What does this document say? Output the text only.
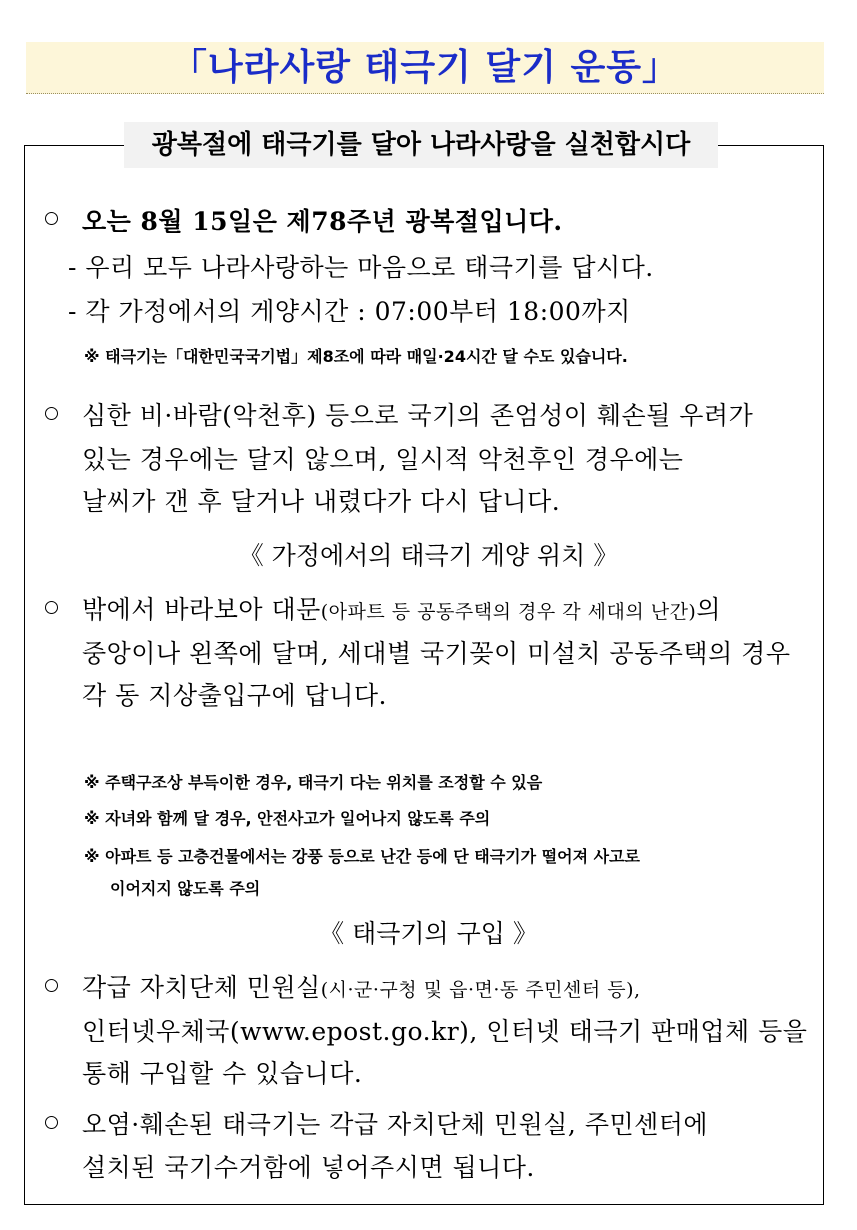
「나라사랑 태극기 달기 운동」
광복절에 태극기를 달아 나라사랑을 실천합시다
오는 8월 15일은 제78주년 광복절입니다.
- 우리 모두 나라사랑하는 마음으로 태극기를 답시다.
- 각 가정에서의 게양시간 : 07:00부터 18:00까지
※ 태극기는「대한민국국기법」제8조에 따라 매일·24시간 달 수도 있습니다.
심한 비·바람(악천후) 등으로 국기의 존엄성이 훼손될 우려가
있는 경우에는 달지 않으며, 일시적 악천후인 경우에는
날씨가 갠 후 달거나 내렸다가 다시 답니다.
《 가정에서의 태극기 게양 위치 》
밖에서 바라보아 대문(아파트 등 공동주택의 경우 각 세대의 난간)의
중앙이나 왼쪽에 달며, 세대별 국기꽂이 미설치 공동주택의 경우
각 동 지상출입구에 답니다.
※ 주택구조상 부득이한 경우, 태극기 다는 위치를 조정할 수 있음
※ 자녀와 함께 달 경우, 안전사고가 일어나지 않도록 주의
※ 아파트 등 고층건물에서는 강풍 등으로 난간 등에 단 태극기가 떨어져 사고로
이어지지 않도록 주의
《 태극기의 구입 》
각급 자치단체 민원실(시·군·구청 및 읍·면·동 주민센터 등),
인터넷우체국(www.epost.go.kr), 인터넷 태극기 판매업체 등을
통해 구입할 수 있습니다.
오염·훼손된 태극기는 각급 자치단체 민원실, 주민센터에
설치된 국기수거함에 넣어주시면 됩니다.
